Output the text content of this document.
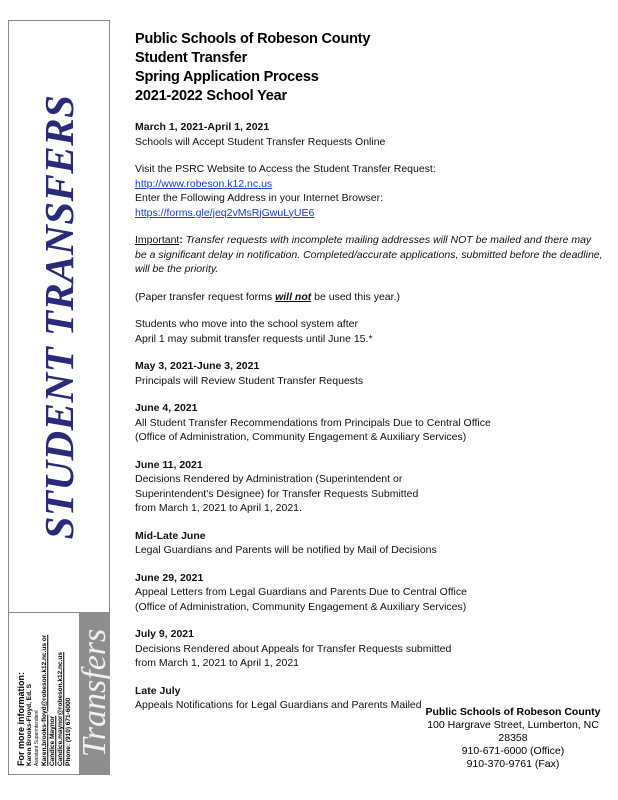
STUDENT TRANSFERS
Transfers
For more information: Karen Brooks-Floyd, Ed. S Assistant Superintendent Karen.brooks-floyd@robeson.k12.nc.us or Candice Maynor Candice.maynor@robeson.k12.nc.us Phone: (910) 671-6000
Public Schools of Robeson County
Student Transfer
Spring Application Process
2021-2022 School Year
March 1, 2021-April 1, 2021
Schools will Accept Student Transfer Requests Online
Visit the PSRC Website to Access the Student Transfer Request:
http://www.robeson.k12.nc.us
Enter the Following Address in your Internet Browser:
https://forms.gle/jeq2vMsRjGwuLyUE6
Important: Transfer requests with incomplete mailing addresses will NOT be mailed and there may be a significant delay in notification. Completed/accurate applications, submitted before the deadline, will be the priority.
(Paper transfer request forms will not be used this year.)
Students who move into the school system after
April 1 may submit transfer requests until June 15.*
May 3, 2021-June 3, 2021
Principals will Review Student Transfer Requests
June 4, 2021
All Student Transfer Recommendations from Principals Due to Central Office
(Office of Administration, Community Engagement & Auxiliary Services)
June 11, 2021
Decisions Rendered by Administration (Superintendent or
Superintendent's Designee) for Transfer Requests Submitted
from March 1, 2021 to April 1, 2021.
Mid-Late June
Legal Guardians and Parents will be notified by Mail of Decisions
June 29, 2021
Appeal Letters from Legal Guardians and Parents Due to Central Office
(Office of Administration, Community Engagement & Auxiliary Services)
July 9, 2021
Decisions Rendered about Appeals for Transfer Requests submitted
from March 1, 2021 to April 1, 2021
Late July
Appeals Notifications for Legal Guardians and Parents Mailed
Public Schools of Robeson County
100 Hargrave Street, Lumberton, NC
28358
910-671-6000 (Office)
910-370-9761 (Fax)
